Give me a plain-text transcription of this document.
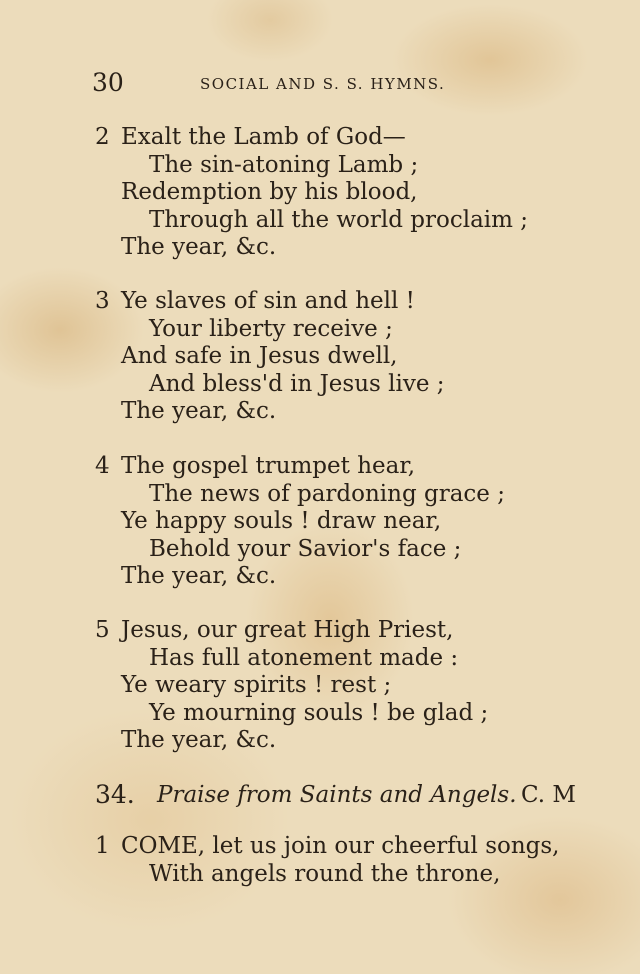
30	SOCIAL AND S. S. HYMNS.
2 Exalt the Lamb of God—
The sin-atoning Lamb ;
Redemption by his blood,
Through all the world proclaim ;
The year, &c.
3 Ye slaves of sin and hell !
Your liberty receive ;
And safe in Jesus dwell,
And bless'd in Jesus live ;
The year, &c.
4 The gospel trumpet hear,
The news of pardoning grace ;
Ye happy souls ! draw near,
Behold your Savior's face ;
The year, &c.
5 Jesus, our great High Priest,
Has full atonement made :
Ye weary spirits ! rest ;
Ye mourning souls ! be glad ;
The year, &c.
34. Praise from Saints and Angels. C. M
1 COME, let us join our cheerful songs,
With angels round the throne,
